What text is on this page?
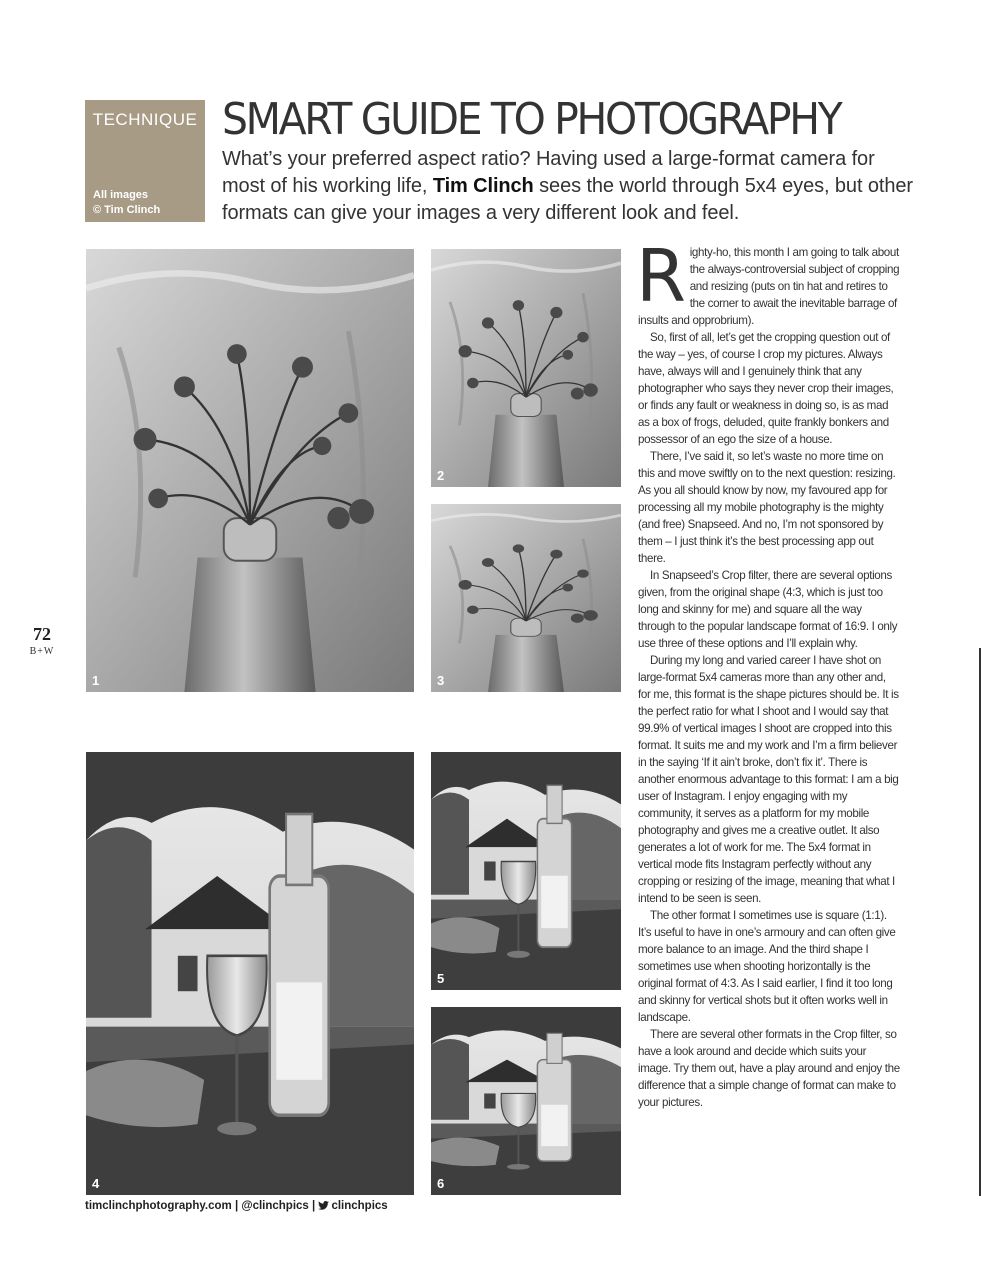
TECHNIQUE
All images
© Tim Clinch
SMART GUIDE TO PHOTOGRAPHY

What’s your preferred aspect ratio? Having used a large-format camera for most of his working life, Tim Clinch sees the world through 5x4 eyes, but other formats can give your images a very different look and feel.

72
B+W
1
2
3
4
5
6

Righty-ho, this month I am going to talk about the always-controversial subject of cropping and resizing (puts on tin hat and retires to the corner to await the inevitable barrage of insults and opprobrium).

So, first of all, let’s get the cropping question out of the way – yes, of course I crop my pictures. Always have, always will and I genuinely think that any photographer who says they never crop their images, or finds any fault or weakness in doing so, is as mad as a box of frogs, deluded, quite frankly bonkers and possessor of an ego the size of a house.

There, I’ve said it, so let’s waste no more time on this and move swiftly on to the next question: resizing. As you all should know by now, my favoured app for processing all my mobile photography is the mighty (and free) Snapseed. And no, I’m not sponsored by them – I just think it’s the best processing app out there.

In Snapseed’s Crop filter, there are several options given, from the original shape (4:3, which is just too long and skinny for me) and square all the way through to the popular landscape format of 16:9. I only use three of these options and I’ll explain why.

During my long and varied career I have shot on large-format 5x4 cameras more than any other and, for me, this format is the shape pictures should be. It is the perfect ratio for what I shoot and I would say that 99.9% of vertical images I shoot are cropped into this format. It suits me and my work and I’m a firm believer in the saying ‘If it ain’t broke, don’t fix it’. There is another enormous advantage to this format: I am a big user of Instagram. I enjoy engaging with my community, it serves as a platform for my mobile photography and gives me a creative outlet. It also generates a lot of work for me. The 5x4 format in vertical mode fits Instagram perfectly without any cropping or resizing of the image, meaning that what I intend to be seen is seen.

The other format I sometimes use is square (1:1). It’s useful to have in one’s armoury and can often give more balance to an image. And the third shape I sometimes use when shooting horizontally is the original format of 4:3. As I said earlier, I find it too long and skinny for vertical shots but it often works well in landscape.

There are several other formats in the Crop filter, so have a look around and decide which suits your image. Try them out, have a play around and enjoy the difference that a simple change of format can make to your pictures.

timclinchphotography.com | @clinchpics | clinchpics
